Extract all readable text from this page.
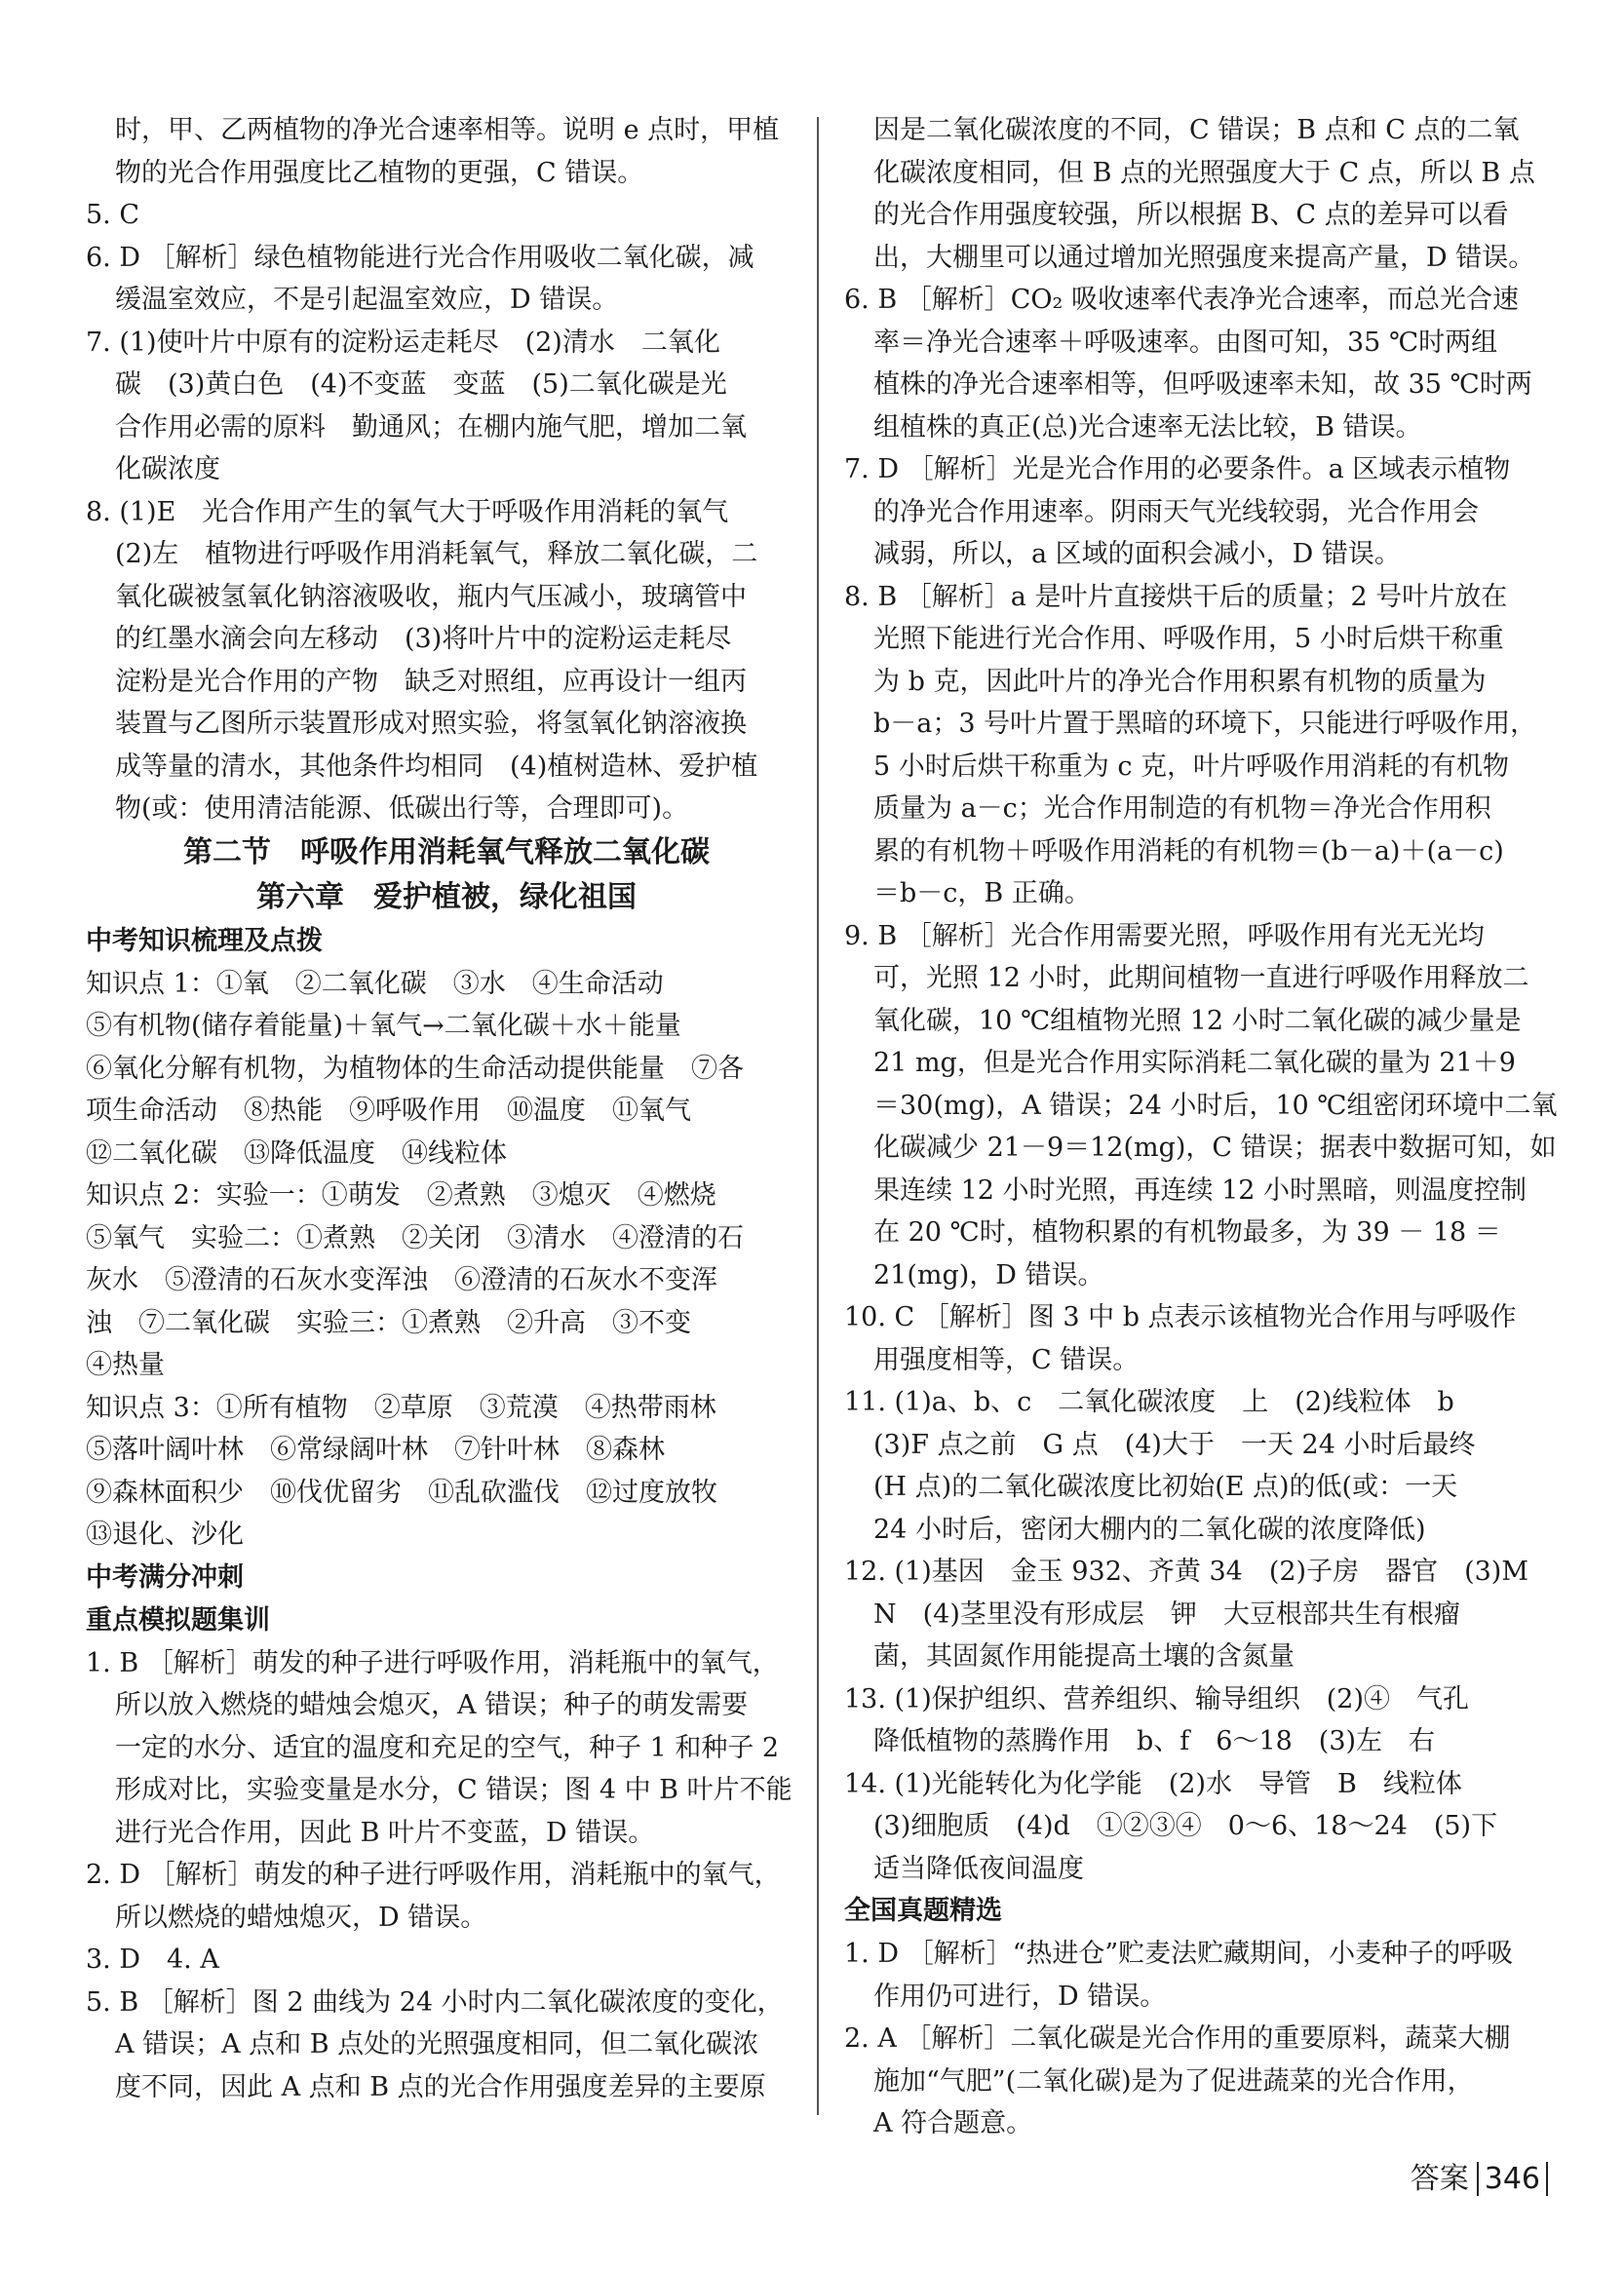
时，甲、乙两植物的净光合速率相等。说明 e 点时，甲植

物的光合作用强度比乙植物的更强，C 错误。

5. C

6. D ［解析］绿色植物能进行光合作用吸收二氧化碳，减

缓温室效应，不是引起温室效应，D 错误。

7. (1)使叶片中原有的淀粉运走耗尽　(2)清水　二氧化

碳　(3)黄白色　(4)不变蓝　变蓝　(5)二氧化碳是光

合作用必需的原料　勤通风；在棚内施气肥，增加二氧

化碳浓度

8. (1)E　光合作用产生的氧气大于呼吸作用消耗的氧气

(2)左　植物进行呼吸作用消耗氧气，释放二氧化碳，二

氧化碳被氢氧化钠溶液吸收，瓶内气压减小，玻璃管中

的红墨水滴会向左移动　(3)将叶片中的淀粉运走耗尽

淀粉是光合作用的产物　缺乏对照组，应再设计一组丙

装置与乙图所示装置形成对照实验，将氢氧化钠溶液换

成等量的清水，其他条件均相同　(4)植树造林、爱护植

物(或：使用清洁能源、低碳出行等，合理即可)。

第二节　呼吸作用消耗氧气释放二氧化碳

第六章　爱护植被，绿化祖国

中考知识梳理及点拨

知识点 1：①氧　②二氧化碳　③水　④生命活动

⑤有机物(储存着能量)＋氧气→二氧化碳＋水＋能量

⑥氧化分解有机物，为植物体的生命活动提供能量　⑦各

项生命活动　⑧热能　⑨呼吸作用　⑩温度　⑪氧气

⑫二氧化碳　⑬降低温度　⑭线粒体

知识点 2：实验一：①萌发　②煮熟　③熄灭　④燃烧

⑤氧气　实验二：①煮熟　②关闭　③清水　④澄清的石

灰水　⑤澄清的石灰水变浑浊　⑥澄清的石灰水不变浑

浊　⑦二氧化碳　实验三：①煮熟　②升高　③不变

④热量

知识点 3：①所有植物　②草原　③荒漠　④热带雨林

⑤落叶阔叶林　⑥常绿阔叶林　⑦针叶林　⑧森林

⑨森林面积少　⑩伐优留劣　⑪乱砍滥伐　⑫过度放牧

⑬退化、沙化

中考满分冲刺

重点模拟题集训

1. B ［解析］萌发的种子进行呼吸作用，消耗瓶中的氧气，

所以放入燃烧的蜡烛会熄灭，A 错误；种子的萌发需要

一定的水分、适宜的温度和充足的空气，种子 1 和种子 2

形成对比，实验变量是水分，C 错误；图 4 中 B 叶片不能

进行光合作用，因此 B 叶片不变蓝，D 错误。

2. D ［解析］萌发的种子进行呼吸作用，消耗瓶中的氧气，

所以燃烧的蜡烛熄灭，D 错误。

3. D　4. A

5. B ［解析］图 2 曲线为 24 小时内二氧化碳浓度的变化，

A 错误；A 点和 B 点处的光照强度相同，但二氧化碳浓

度不同，因此 A 点和 B 点的光合作用强度差异的主要原

因是二氧化碳浓度的不同，C 错误；B 点和 C 点的二氧

化碳浓度相同，但 B 点的光照强度大于 C 点，所以 B 点

的光合作用强度较强，所以根据 B、C 点的差异可以看

出，大棚里可以通过增加光照强度来提高产量，D 错误。

6. B ［解析］CO₂ 吸收速率代表净光合速率，而总光合速

率＝净光合速率＋呼吸速率。由图可知，35 ℃时两组

植株的净光合速率相等，但呼吸速率未知，故 35 ℃时两

组植株的真正(总)光合速率无法比较，B 错误。

7. D ［解析］光是光合作用的必要条件。a 区域表示植物

的净光合作用速率。阴雨天气光线较弱，光合作用会

减弱，所以，a 区域的面积会减小，D 错误。

8. B ［解析］a 是叶片直接烘干后的质量；2 号叶片放在

光照下能进行光合作用、呼吸作用，5 小时后烘干称重

为 b 克，因此叶片的净光合作用积累有机物的质量为

b－a；3 号叶片置于黑暗的环境下，只能进行呼吸作用，

5 小时后烘干称重为 c 克，叶片呼吸作用消耗的有机物

质量为 a－c；光合作用制造的有机物＝净光合作用积

累的有机物＋呼吸作用消耗的有机物＝(b－a)＋(a－c)

＝b－c，B 正确。

9. B ［解析］光合作用需要光照，呼吸作用有光无光均

可，光照 12 小时，此期间植物一直进行呼吸作用释放二

氧化碳，10 ℃组植物光照 12 小时二氧化碳的减少量是

21 mg，但是光合作用实际消耗二氧化碳的量为 21＋9

＝30(mg)，A 错误；24 小时后，10 ℃组密闭环境中二氧

化碳减少 21－9＝12(mg)，C 错误；据表中数据可知，如

果连续 12 小时光照，再连续 12 小时黑暗，则温度控制

在 20 ℃时，植物积累的有机物最多，为 39 － 18 ＝

21(mg)，D 错误。

10. C ［解析］图 3 中 b 点表示该植物光合作用与呼吸作

用强度相等，C 错误。

11. (1)a、b、c　二氧化碳浓度　上　(2)线粒体　b

(3)F 点之前　G 点　(4)大于　一天 24 小时后最终

(H 点)的二氧化碳浓度比初始(E 点)的低(或：一天

24 小时后，密闭大棚内的二氧化碳的浓度降低)

12. (1)基因　金玉 932、齐黄 34　(2)子房　器官　(3)M

N　(4)茎里没有形成层　钾　大豆根部共生有根瘤

菌，其固氮作用能提高土壤的含氮量

13. (1)保护组织、营养组织、输导组织　(2)④　气孔

降低植物的蒸腾作用　b、f　6～18　(3)左　右

14. (1)光能转化为化学能　(2)水　导管　B　线粒体

(3)细胞质　(4)d　①②③④　0～6、18～24　(5)下

适当降低夜间温度

全国真题精选

1. D ［解析］“热进仓”贮麦法贮藏期间，小麦种子的呼吸

作用仍可进行，D 错误。

2. A ［解析］二氧化碳是光合作用的重要原料，蔬菜大棚

施加“气肥”(二氧化碳)是为了促进蔬菜的光合作用，

A 符合题意。

答案 346
